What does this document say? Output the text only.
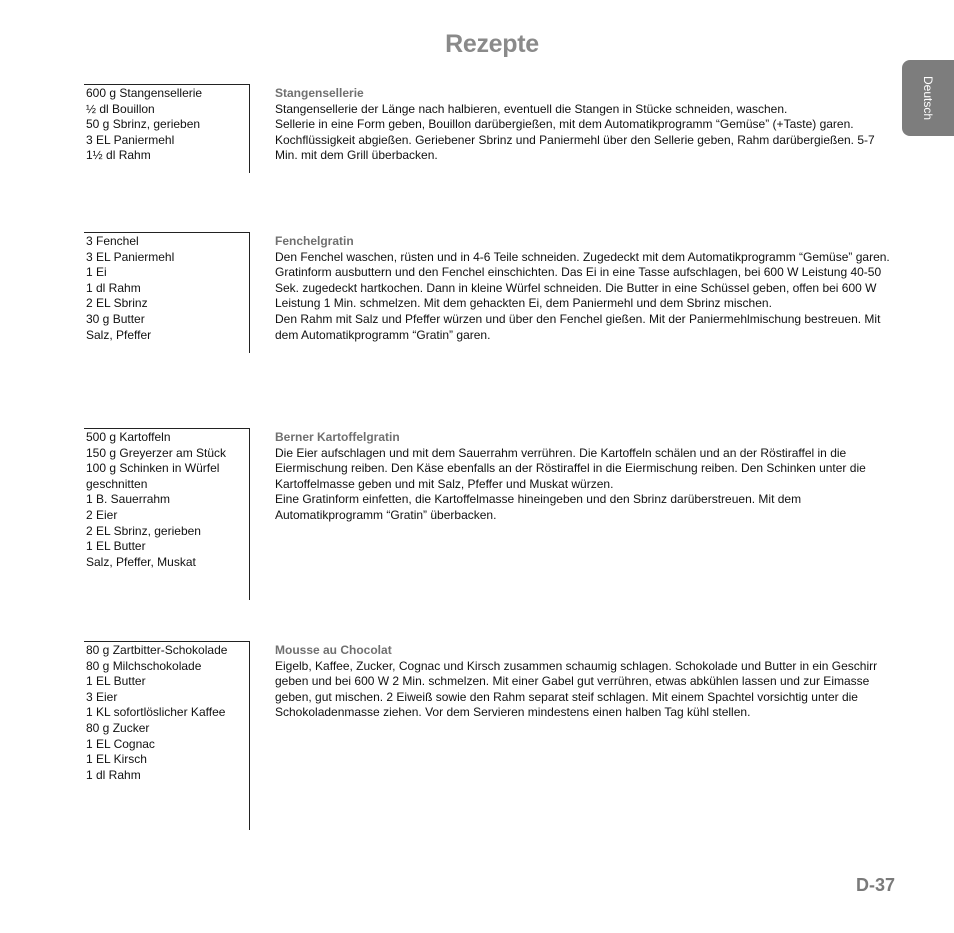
Rezepte
Deutsch
600 g Stangensellerie
½ dl Bouillon
50 g Sbrinz, gerieben
3 EL Paniermehl
1½ dl Rahm
Stangensellerie

Stangensellerie der Länge nach halbieren, eventuell die Stangen in Stücke schneiden, waschen.

Sellerie in eine Form geben, Bouillon darübergießen, mit dem Automatikprogramm “Gemüse” (+Taste) garen. Kochflüssigkeit abgießen. Geriebener Sbrinz und Paniermehl über den Sellerie geben, Rahm darübergießen. 5-7 Min. mit dem Grill überbacken.

3 Fenchel
3 EL Paniermehl
1 Ei
1 dl Rahm
2 EL Sbrinz
30 g Butter
Salz, Pfeffer
Fenchelgratin

Den Fenchel waschen, rüsten und in 4-6 Teile schneiden. Zugedeckt mit dem Automatikprogramm “Gemüse” garen.

Gratinform ausbuttern und den Fenchel einschichten. Das Ei in eine Tasse aufschlagen, bei 600 W Leistung 40-50 Sek. zugedeckt hartkochen. Dann in kleine Würfel schneiden. Die Butter in eine Schüssel geben, offen bei 600 W Leistung 1 Min. schmelzen. Mit dem gehackten Ei, dem Paniermehl und dem Sbrinz mischen.

Den Rahm mit Salz und Pfeffer würzen und über den Fenchel gießen. Mit der Paniermehlmischung bestreuen. Mit dem Automatikprogramm “Gratin” garen.

500 g Kartoffeln
150 g Greyerzer am Stück
100 g Schinken in Würfel geschnitten
1 B. Sauerrahm
2 Eier
2 EL Sbrinz, gerieben
1 EL Butter
Salz, Pfeffer, Muskat
Berner Kartoffelgratin

Die Eier aufschlagen und mit dem Sauerrahm verrühren. Die Kartoffeln schälen und an der Röstiraffel in die Eiermischung reiben. Den Käse ebenfalls an der Röstiraffel in die Eiermischung reiben. Den Schinken unter die Kartoffelmasse geben und mit Salz, Pfeffer und Muskat würzen.

Eine Gratinform einfetten, die Kartoffelmasse hineingeben und den Sbrinz darüberstreuen. Mit dem Automatikprogramm “Gratin” überbacken.

80 g Zartbitter-Schokolade
80 g Milchschokolade
1 EL Butter
3 Eier
1 KL sofortlöslicher Kaffee
80 g Zucker
1 EL Cognac
1 EL Kirsch
1 dl Rahm
Mousse au Chocolat

Eigelb, Kaffee, Zucker, Cognac und Kirsch zusammen schaumig schlagen. Schokolade und Butter in ein Geschirr geben und bei 600 W 2 Min. schmelzen. Mit einer Gabel gut verrühren, etwas abkühlen lassen und zur Eimasse geben, gut mischen. 2 Eiweiß sowie den Rahm separat steif schlagen. Mit einem Spachtel vorsichtig unter die Schokoladenmasse ziehen. Vor dem Servieren mindestens einen halben Tag kühl stellen.

D-37
